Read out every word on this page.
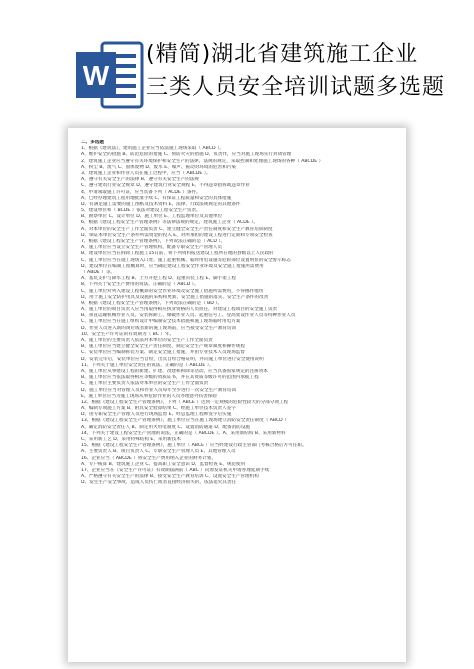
W
(精简)湖北省建筑施工企业
三类人员安全培训试题多选题
二、多选题
1、根据《建筑法》，建筑施工企业应当依法施工现场采取（ ABCD ）。
A、维护安全的措施 B、防范危险的措施 C、预防火灾的措施 D、负责作，应当对施工现场实行封闭管理
2、建筑施工企业应当遵守有关环境保护和安全生产的法律、法规的规定，采取控制和处理施工现场的各种（ ABCDE ）
A、粉尘 B、废气 C、固体废物 D、废水 E、噪声、振动对环境的危害和污染
3、建筑施工企业和作业人员在施工过程中，应当（ ABCDE ）。
A、遵守有关安全生产的法律 B、遵守有关安全生产的法规
C、遵守建筑行业安全规章 D、遵守建筑行业安全规程 E、不得违章指挥或违章作业
4、申请领取施工许可证，应当具备下列（ ACDE ）条件。
A、已经办理建筑工程用地批准手续 C、有保证工程质量和安全的具体措施
D、有满足施工需要的施工图纸及技术资料 E、法律、行政法规规定的其他条件
5、建设单位和（ BCDE ）依法对建设工程安全生产负责。
B、勘察单位 C、设计单位 D、施工单位 E、工程监理单位及其他单位
6、根据《建设工程安全生产管理条例》等法律法规的规定，建筑施工企业（ ACDE ）。
A、对本单位的安全生产工作全面负责 C、建立健全安全生产责任制度和安全生产教育培训制度
D、保证本单位安全生产条件所需资金的投入 E、对所承担的建设工程进行定期和专项安全检查
7、根据《建设工程安全生产管理条例》，下列说法正确的是（ ACD ）。
A、施工单位应当设立安全生产管理机构，配备专职安全生产管理人员
B、建设单位应当在拆除工程施工15日前，将下列资料报送建设工程所在地的县级以上人民政府
C、施工单位应当在施工现场入口处、施工起重机械、临时用电设施等危险部位设置明显的安全警示标志
D、建设单位在编制工程概算时，应当确定建设工程安全作业环境及安全施工措施所需费用
（ ABDE ）等。
A、基坑支护与降水工程 B、土方开挖工程 D、起重吊装工程 E、脚手架工程
8、下列关于安全生产费用的说法，正确的是（ ABCD ）。
C、施工单位对列入建设工程概算的安全作业环境及安全施工措施所需费用，不得挪作他用
D、用于施工安全防护用具及设施的采购和更新、安全施工措施的落实、安全生产条件的改善
9、根据《建设工程安全生产管理条例》，下列说法正确的是（ BD ）。
A、施工单位的项目负责人应当由取得相应执业资格的人员担任，对建设工程项目的安全施工负责
B、垂直运输机械作业人员、安装拆卸工、爆破作业人员、起重信号工、登高架设作业人员等特种作业人员
C、施工单位应当在施工组织设计中编制安全技术措施和施工现场临时用电方案
D、作业人员进入新的岗位或者新的施工现场前，应当接受安全生产教育培训
10、安全生产许可证的有效期为（ BC ）年。
A、施工单位的主要负责人依法对本单位的安全生产工作全面负责
B、施工单位应当建立健全安全生产责任制度，制定安全生产规章制度和操作规程
C、安装单位应当编制拆装方案、制定安全施工措施，并由专业技术人员现场监督
D、安装完毕后，安装单位应当自检，出具自检合格证明，并向施工单位进行安全使用说明
11、下列关于施工单位安全责任的说法，正确的是（ ABCDE ）。
A、施工单位从事建设工程的新建、扩建、改建和拆除等活动，应当具备国家规定的注册资本
B、施工单位应当依法取得相应等级的资质证书，并在其资质等级许可的范围内承揽工程
C、施工单位主要负责人依法对本单位的安全生产工作全面负责
D、施工单位应当对管理人员和作业人员每年至少进行一次安全生产教育培训
E、施工单位应当为施工现场从事危险作业的人员办理意外伤害保险
12、根据《建设工程安全生产管理条例》，下列（ ABCE ）达到一定规模的危险性较大的分部分项工程
A、编制专项施工方案 B、附具安全验算结果 C、经施工单位技术负责人签字
D、由专职安全生产管理人员进行现场监督 E、经总监理工程师签字后实施
13、根据《建设工程安全生产管理条例》，施工单位应当在施工现场建立消防安全责任制度（ ABCD ）
A、确定消防安全责任人 B、制定用火用电制度 C、设置消防通道 D、配备消防设施
14、下列关于建设工程安全生产管理的说法，正确的是（ ABCDE ）。A、采用新结构 B、采用新材料
C、采用新工艺 D、采用特殊结构 E、采用新技术
15、根据《建设工程安全生产管理条例》，施工单位（ ABCE ）应当经建设行政主管部门考核合格后方可任职。
A、主要负责人 B、项目负责人 C、专职安全生产管理人员 E、其他管理人员
16、企业应当（ ABCDE ）将安全生产费用纳入企业的财务计划。
A、专户核算 B、建筑施工企业 C、提高职工安全意识 D、监督检查 E、规范使用
17、企业应当在《安全生产许可证》有效期届满前（ ABC ）向原发证机关申请办理延期手续
A、严格遵守有关安全生产的法律 B、接受安全生产教育培训 C、设置安全生产管理机构
D、发生生产安全事故，造成人员伤亡或者直接经济损失的，依法追究其责任
